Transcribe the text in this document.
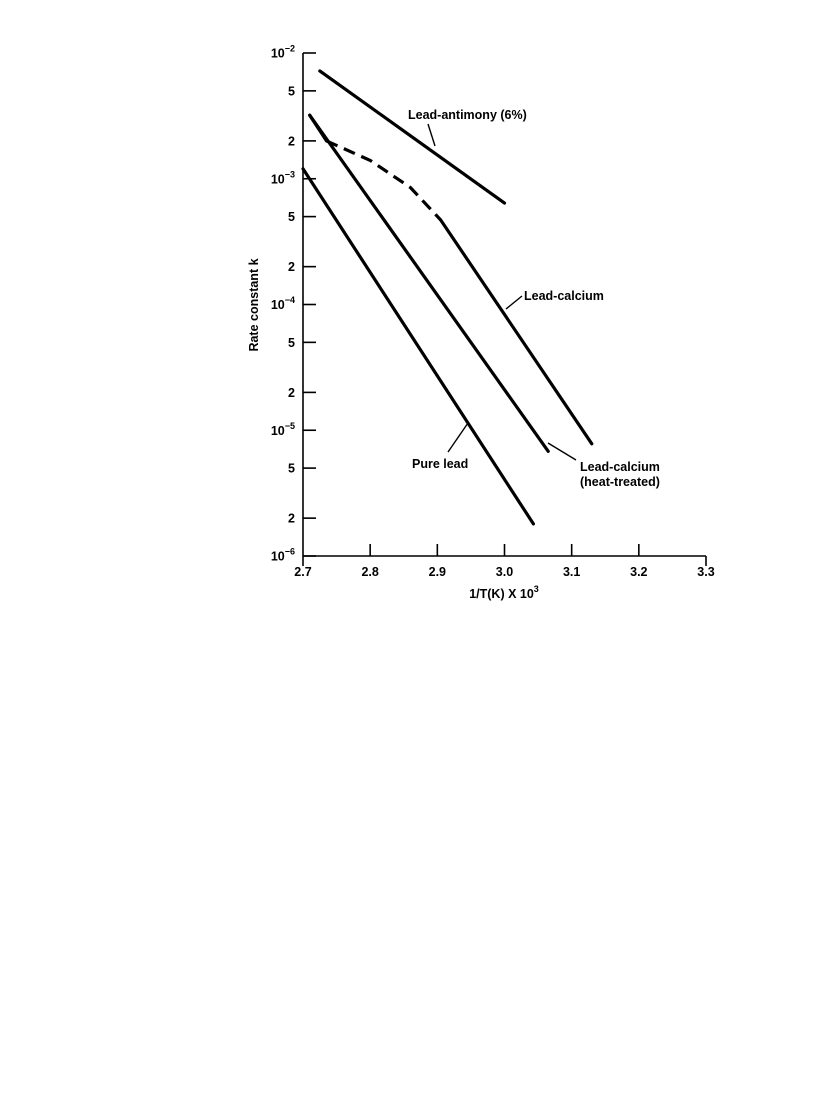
$10^{-2}$
5
2
$10^{-3}$
5
2
$10^{-4}$
5
2
$10^{-5}$
5
2
$10^{-6}$
2.7	2.8	2.9	3.0	3.1	3.2	3.3
Lead-antimony (6%)
Lead-calcium
Lead-calcium
(heat-treated)
Pure lead
1/T(K) X $10^3$
Rate constant k
